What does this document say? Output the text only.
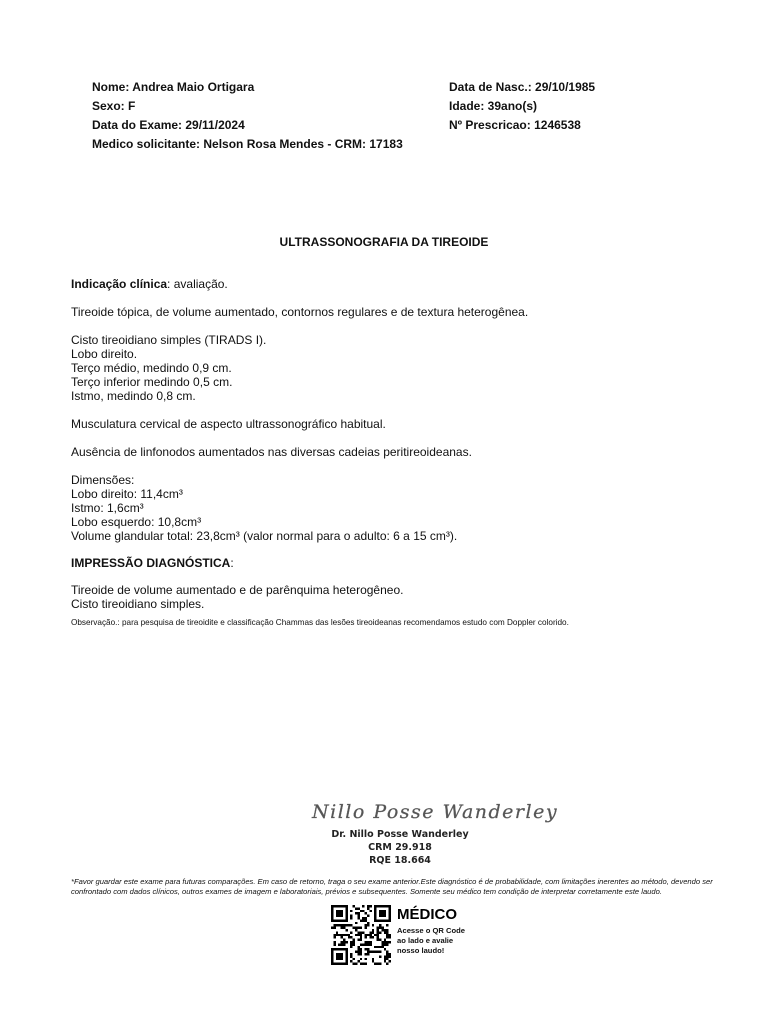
Nome: Andrea Maio Ortigara
Sexo: F
Data do Exame: 29/11/2024
Medico solicitante: Nelson Rosa Mendes - CRM: 17183
Data de Nasc.: 29/10/1985
Idade: 39ano(s)
Nº Prescricao: 1246538
ULTRASSONOGRAFIA DA TIREOIDE

Indicação clínica: avaliação.

Tireoide tópica, de volume aumentado, contornos regulares e de textura heterogênea.

Cisto tireoidiano simples (TIRADS I).

Lobo direito.

Terço médio, medindo 0,9 cm.

Terço inferior medindo 0,5 cm.

Istmo, medindo 0,8 cm.

Musculatura cervical de aspecto ultrassonográfico habitual.

Ausência de linfonodos aumentados nas diversas cadeias peritireoideanas.

Dimensões:

Lobo direito: 11,4cm³

Istmo: 1,6cm³

Lobo esquerdo: 10,8cm³

Volume glandular total: 23,8cm³ (valor normal para o adulto: 6 a 15 cm³).

IMPRESSÃO DIAGNÓSTICA:

Tireoide de volume aumentado e de parênquima heterogêneo.

Cisto tireoidiano simples.

Observação.: para pesquisa de tireoidite e classificação Chammas das lesões tireoideanas recomendamos estudo com Doppler colorido.

Nillo Posse Wanderley
Dr. Nillo Posse Wanderley
CRM 29.918
RQE 18.664
*Favor guardar este exame para futuras comparações. Em caso de retorno, traga o seu exame anterior.Este diagnóstico é de probabilidade, com limitações inerentes ao método, devendo ser confrontado com dados clínicos, outros exames de imagem e laboratoriais, prévios e subsequentes. Somente seu médico tem condição de interpretar corretamente este laudo.
MÉDICO
Acesse o QR Code ao lado e avalie nosso laudo!
